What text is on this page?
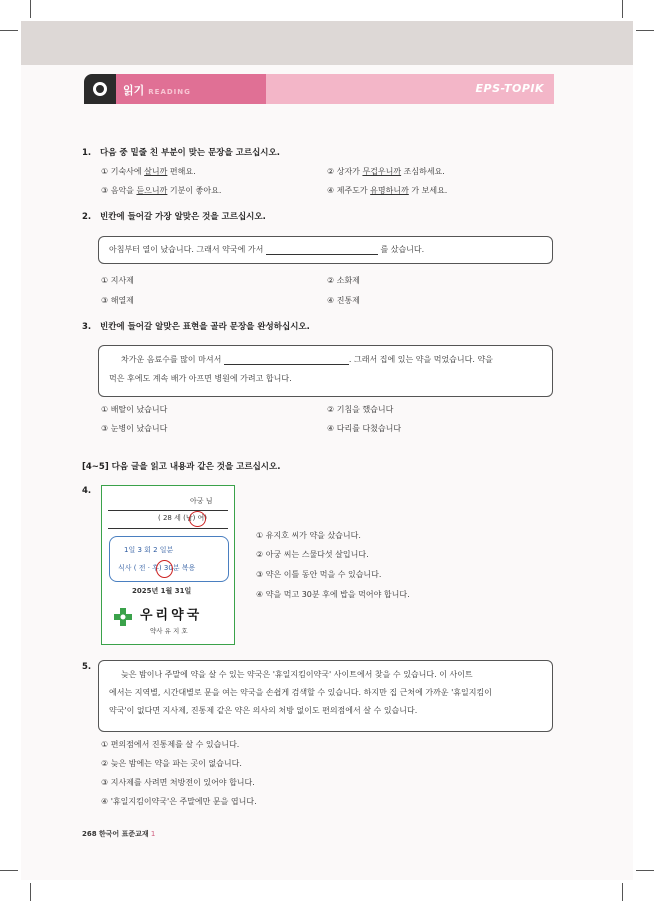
읽기 READING	EPS-TOPIK
1. 다음 중 밑줄 친 부분이 맞는 문장을 고르십시오.
① 기숙사에 살니까 편해요.	② 상자가 무겁우니까 조심하세요.
③ 음악을 듣으니까 기분이 좋아요.	④ 제주도가 유명하니까 가 보세요.
2. 빈칸에 들어갈 가장 알맞은 것을 고르십시오.
아침부터 열이 났습니다. 그래서 약국에 가서	를 샀습니다.
① 지사제	② 소화제
③ 해열제	④ 진통제
3. 빈칸에 들어갈 알맞은 표현을 골라 문장을 완성하십시오.
차가운 음료수를 많이 마셔서	. 그래서 집에 있는 약을 먹었습니다. 약을
먹은 후에도 계속 배가 아프면 병원에 가려고 합니다.
① 배탈이 났습니다	② 기침을 했습니다
③ 눈병이 났습니다	④ 다리를 다쳤습니다
[4~5] 다음 글을 읽고 내용과 같은 것을 고르십시오.
4.
아궁 님
( 28 세 (남) 여)
1일 3 회 2 일분
식사 ( 전 · 후) 30분 복용
2025년 1월 31일
우리약국
약사 유 지 호
① 유지호 씨가 약을 샀습니다.
② 아궁 씨는 스물다섯 살입니다.
③ 약은 이틀 동안 먹을 수 있습니다.
④ 약을 먹고 30분 후에 밥을 먹어야 합니다.
5.
늦은 밤이나 주말에 약을 살 수 있는 약국은 '휴일지킴이약국' 사이트에서 찾을 수 있습니다. 이 사이트
에서는 지역별, 시간대별로 문을 여는 약국을 손쉽게 검색할 수 있습니다. 하지만 집 근처에 가까운 '휴일지킴이
약국'이 없다면 지사제, 진통제 같은 약은 의사의 처방 없이도 편의점에서 살 수 있습니다.
① 편의점에서 진통제를 살 수 있습니다.
② 늦은 밤에는 약을 파는 곳이 없습니다.
③ 지사제를 사려면 처방전이 있어야 합니다.
④ '휴일지킴이약국'은 주말에만 문을 엽니다.
268 한국어 표준교재 1
